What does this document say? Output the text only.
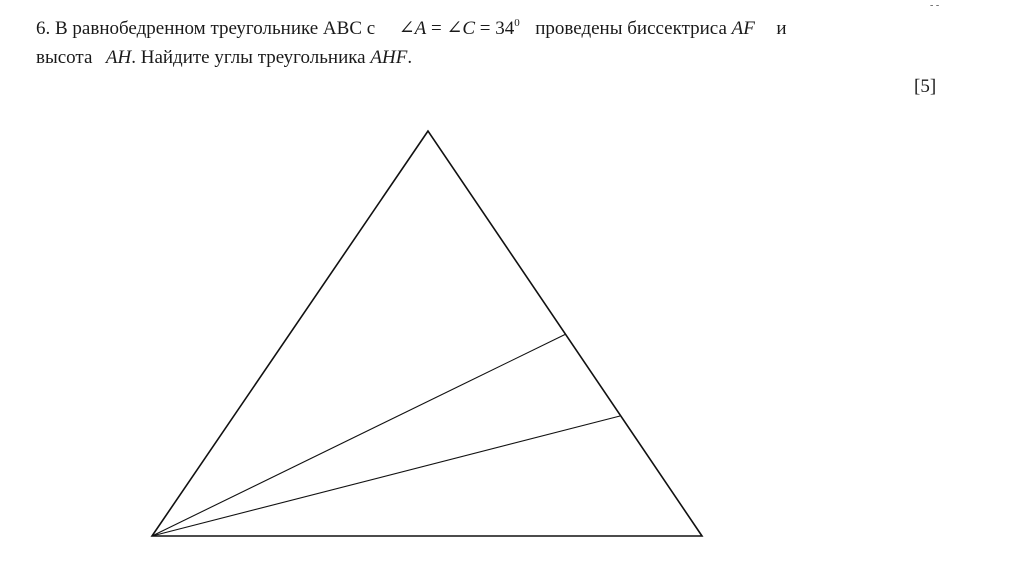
- -
6. В равнобедренном треугольнике АВС с ∠A = ∠C = $34^0$ проведены биссектриса AF и
высота AH. Найдите углы треугольника AHF.
[5]
